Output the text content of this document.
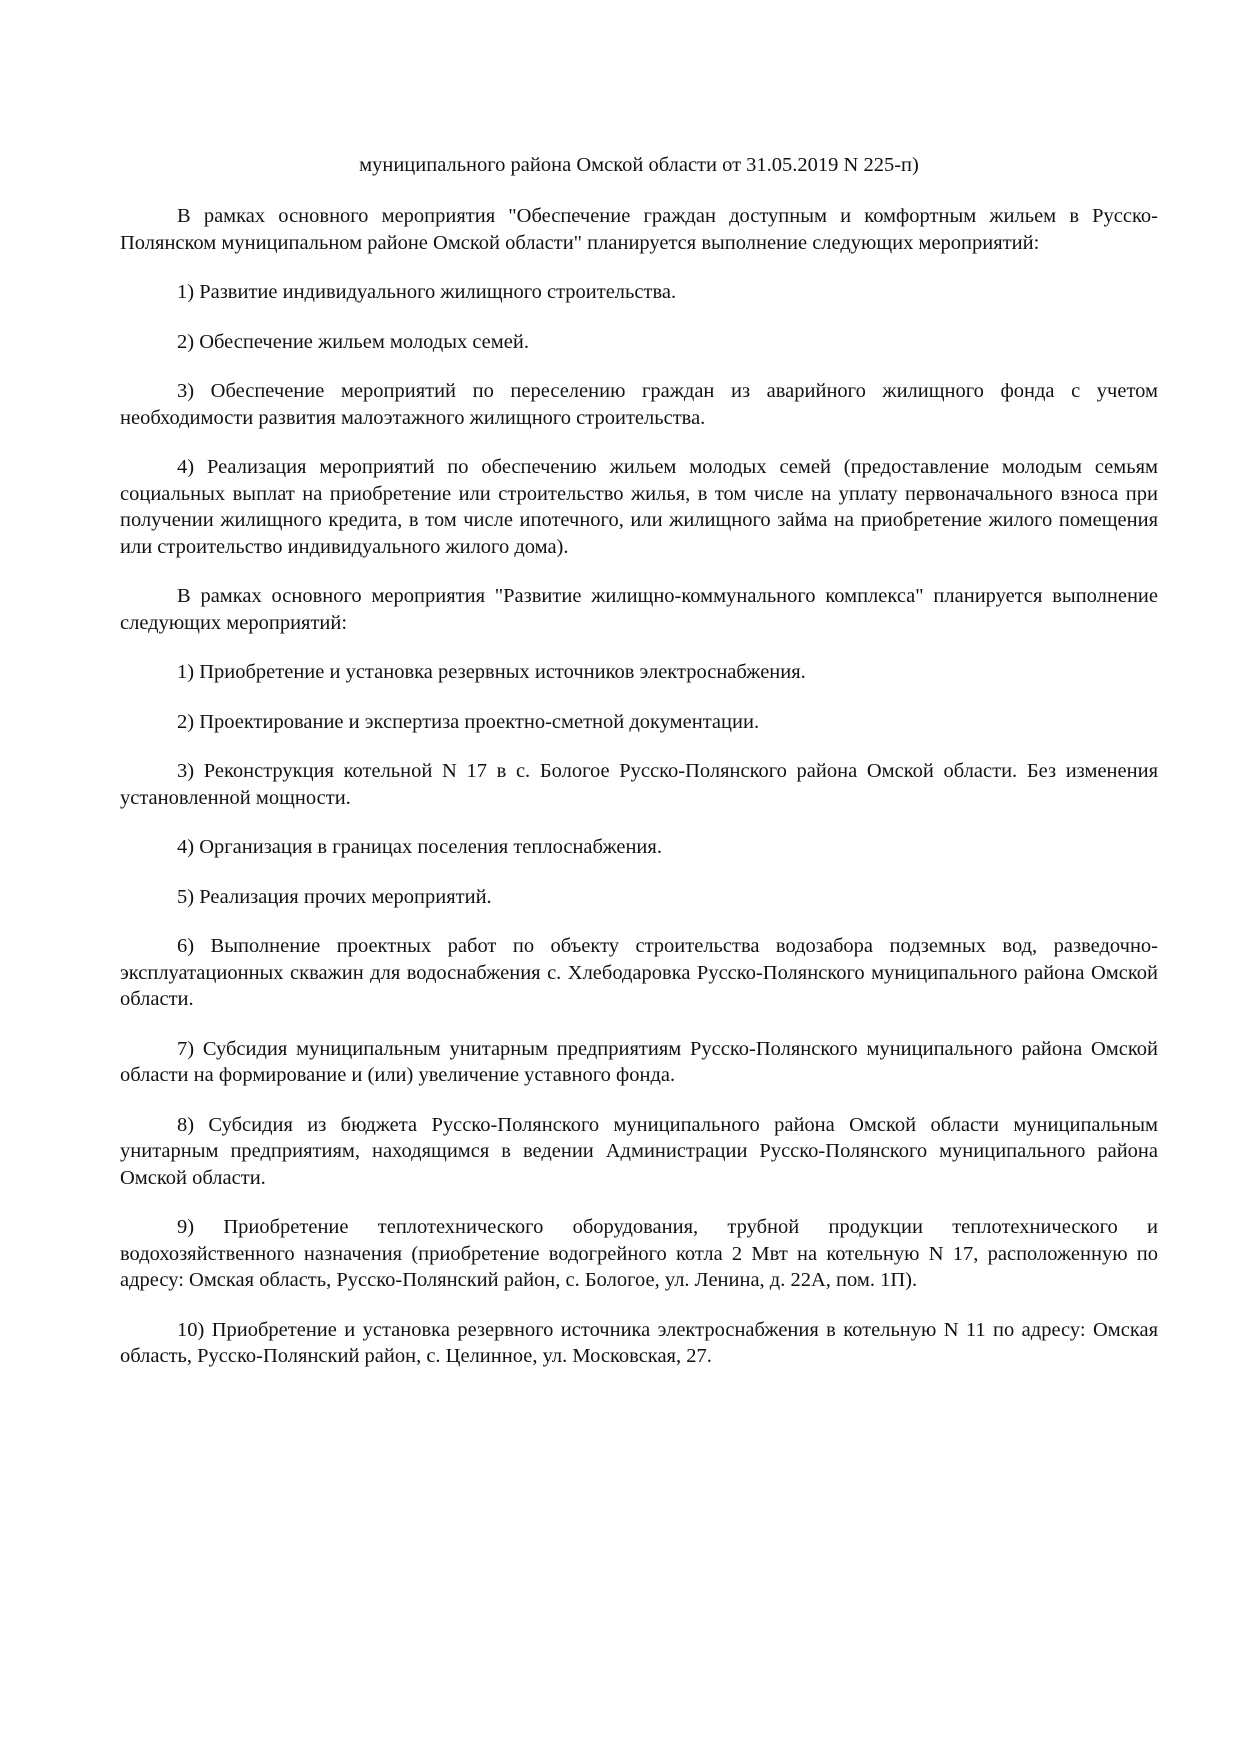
муниципального района Омской области от 31.05.2019 N 225-п)

В рамках основного мероприятия "Обеспечение граждан доступным и комфортным жильем в Русско-Полянском муниципальном районе Омской области" планируется выполнение следующих мероприятий:

1) Развитие индивидуального жилищного строительства.

2) Обеспечение жильем молодых семей.

3) Обеспечение мероприятий по переселению граждан из аварийного жилищного фонда с учетом необходимости развития малоэтажного жилищного строительства.

4) Реализация мероприятий по обеспечению жильем молодых семей (предоставление молодым семьям социальных выплат на приобретение или строительство жилья, в том числе на уплату первоначального взноса при получении жилищного кредита, в том числе ипотечного, или жилищного займа на приобретение жилого помещения или строительство индивидуального жилого дома).

В рамках основного мероприятия "Развитие жилищно-коммунального комплекса" планируется выполнение следующих мероприятий:

1) Приобретение и установка резервных источников электроснабжения.

2) Проектирование и экспертиза проектно-сметной документации.

3) Реконструкция котельной N 17 в с. Бологое Русско-Полянского района Омской области. Без изменения установленной мощности.

4) Организация в границах поселения теплоснабжения.

5) Реализация прочих мероприятий.

6) Выполнение проектных работ по объекту строительства водозабора подземных вод, разведочно-эксплуатационных скважин для водоснабжения с. Хлебодаровка Русско-Полянского муниципального района Омской области.

7) Субсидия муниципальным унитарным предприятиям Русско-Полянского муниципального района Омской области на формирование и (или) увеличение уставного фонда.

8) Субсидия из бюджета Русско-Полянского муниципального района Омской области муниципальным унитарным предприятиям, находящимся в ведении Администрации Русско-Полянского муниципального района Омской области.

9) Приобретение теплотехнического оборудования, трубной продукции теплотехнического и водохозяйственного назначения (приобретение водогрейного котла 2 Мвт на котельную N 17, расположенную по адресу: Омская область, Русско-Полянский район, с. Бологое, ул. Ленина, д. 22А, пом. 1П).

10) Приобретение и установка резервного источника электроснабжения в котельную N 11 по адресу: Омская область, Русско-Полянский район, с. Целинное, ул. Московская, 27.
